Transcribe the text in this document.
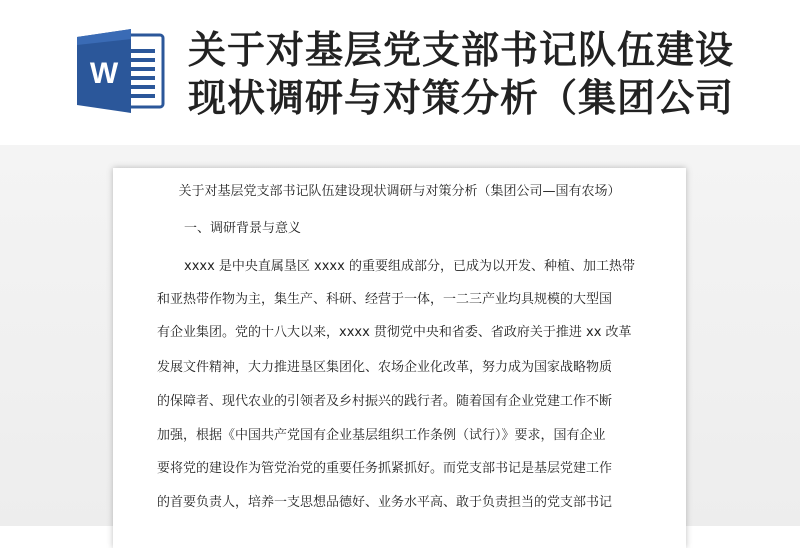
W
关于对基层党支部书记队伍建设
现状调研与对策分析（集团公司
关于对基层党支部书记队伍建设现状调研与对策分析（集团公司—国有农场）
一、调研背景与意义
xxxx 是中央直属垦区 xxxx 的重要组成部分，已成为以开发、种植、加工热带
和亚热带作物为主，集生产、科研、经营于一体，一二三产业均具规模的大型国
有企业集团。党的十八大以来，xxxx 贯彻党中央和省委、省政府关于推进 xx 改革
发展文件精神，大力推进垦区集团化、农场企业化改革，努力成为国家战略物质
的保障者、现代农业的引领者及乡村振兴的践行者。随着国有企业党建工作不断
加强，根据《中国共产党国有企业基层组织工作条例（试行）》要求，国有企业
要将党的建设作为管党治党的重要任务抓紧抓好。而党支部书记是基层党建工作
的首要负责人，培养一支思想品德好、业务水平高、敢于负责担当的党支部书记
